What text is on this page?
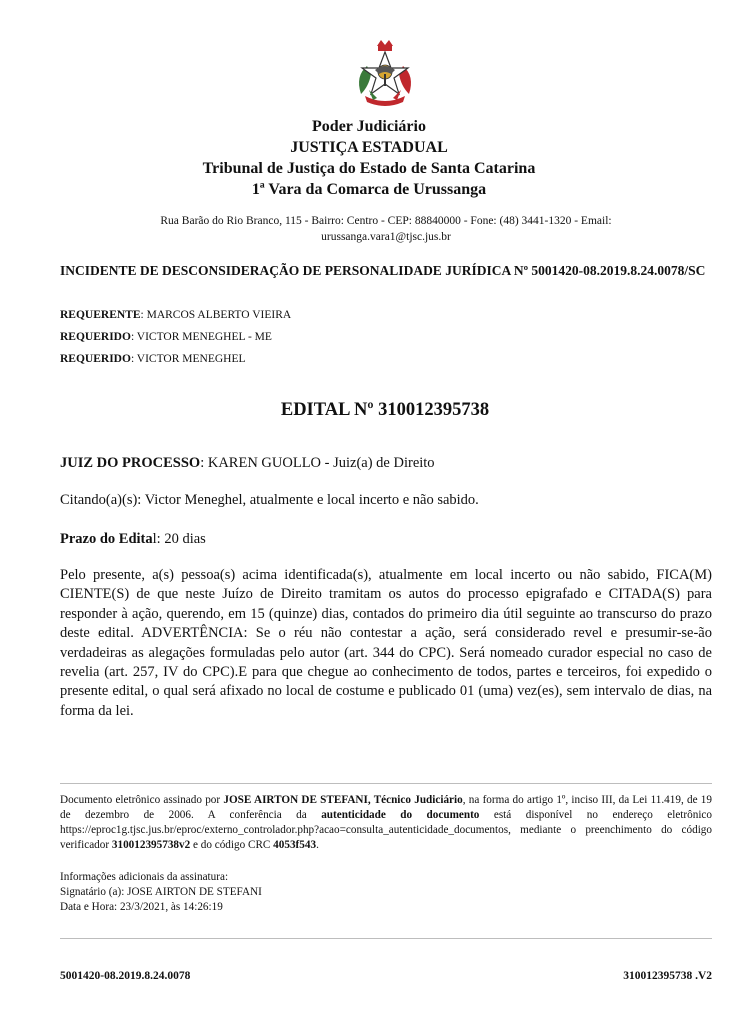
Poder Judiciário
JUSTIÇA ESTADUAL
Tribunal de Justiça do Estado de Santa Catarina
1ª Vara da Comarca de Urussanga
Rua Barão do Rio Branco, 115 - Bairro: Centro - CEP: 88840000 - Fone: (48) 3441-1320 - Email:
urussanga.vara1@tjsc.jus.br
INCIDENTE DE DESCONSIDERAÇÃO DE PERSONALIDADE JURÍDICA Nº 5001420-08.2019.8.24.0078/SC
REQUERENTE: MARCOS ALBERTO VIEIRA
REQUERIDO: VICTOR MENEGHEL - ME
REQUERIDO: VICTOR MENEGHEL
EDITAL Nº 310012395738
JUIZ DO PROCESSO: KAREN GUOLLO - Juiz(a) de Direito
Citando(a)(s): Victor Meneghel, atualmente e local incerto e não sabido.
Prazo do Edital: 20 dias
Pelo presente, a(s) pessoa(s) acima identificada(s), atualmente em local incerto ou não sabido, FICA(M) CIENTE(S) de que neste Juízo de Direito tramitam os autos do processo epigrafado e CITADA(S) para responder à ação, querendo, em 15 (quinze) dias, contados do primeiro dia útil seguinte ao transcurso do prazo deste edital. ADVERTÊNCIA: Se o réu não contestar a ação, será considerado revel e presumir-se-ão verdadeiras as alegações formuladas pelo autor (art. 344 do CPC). Será nomeado curador especial no caso de revelia (art. 257, IV do CPC).E para que chegue ao conhecimento de todos, partes e terceiros, foi expedido o presente edital, o qual será afixado no local de costume e publicado 01 (uma) vez(es), sem intervalo de dias, na forma da lei.
Documento eletrônico assinado por JOSE AIRTON DE STEFANI, Técnico Judiciário, na forma do artigo 1º, inciso III, da Lei 11.419, de 19 de dezembro de 2006. A conferência da autenticidade do documento está disponível no endereço eletrônico https://eproc1g.tjsc.jus.br/eproc/externo_controlador.php?acao=consulta_autenticidade_documentos, mediante o preenchimento do código verificador 310012395738v2 e do código CRC 4053f543.
Informações adicionais da assinatura:
Signatário (a): JOSE AIRTON DE STEFANI
Data e Hora: 23/3/2021, às 14:26:19
5001420-08.2019.8.24.0078	310012395738 .V2
